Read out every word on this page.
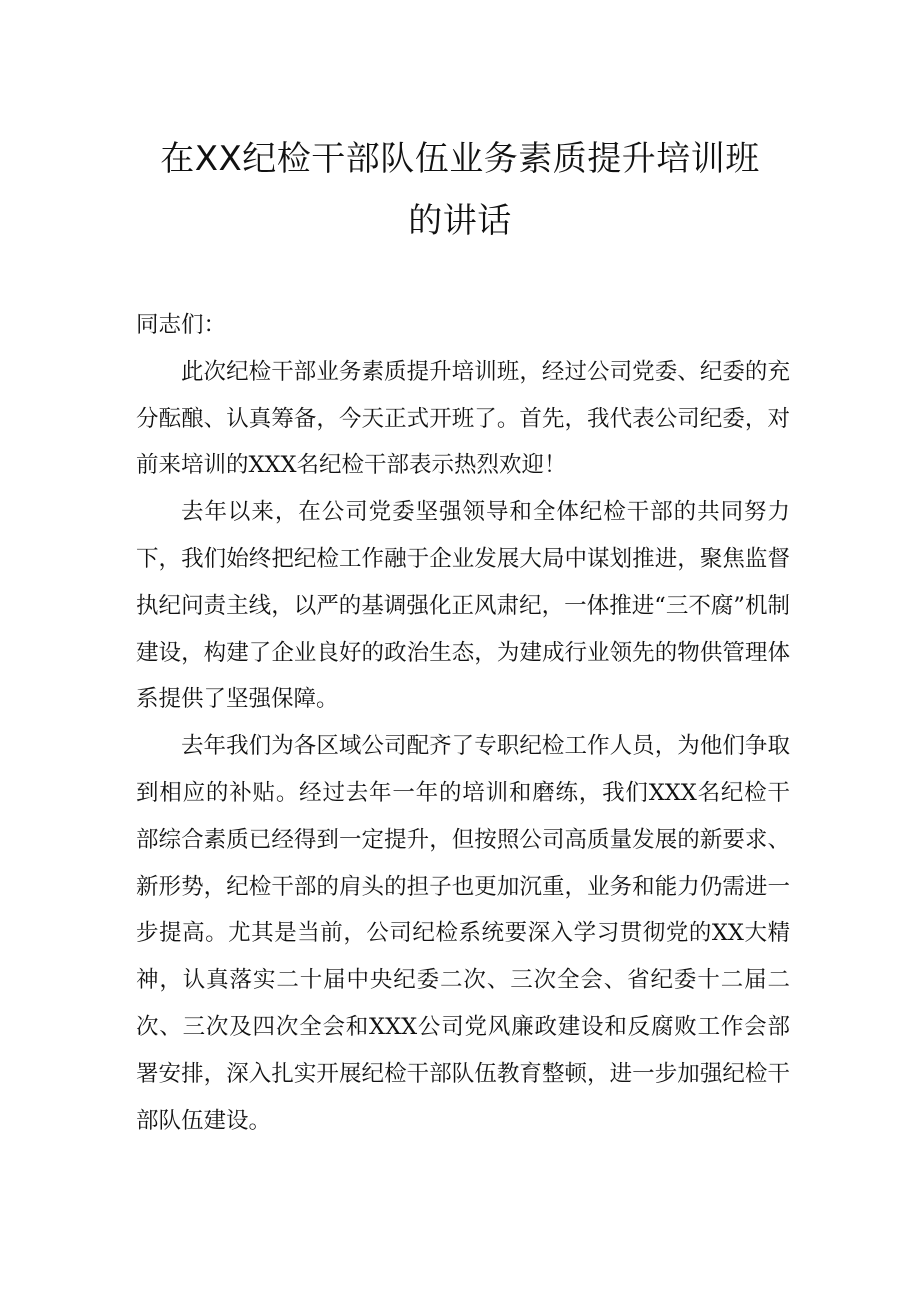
在XX纪检干部队伍业务素质提升培训班
的讲话

同志们：

此次纪检干部业务素质提升培训班，经过公司党委、纪委的充分酝酿、认真筹备，今天正式开班了。首先，我代表公司纪委，对前来培训的XXX名纪检干部表示热烈欢迎！

去年以来，在公司党委坚强领导和全体纪检干部的共同努力下，我们始终把纪检工作融于企业发展大局中谋划推进，聚焦监督执纪问责主线，以严的基调强化正风肃纪，一体推进“三不腐”机制建设，构建了企业良好的政治生态，为建成行业领先的物供管理体系提供了坚强保障。

去年我们为各区域公司配齐了专职纪检工作人员，为他们争取到相应的补贴。经过去年一年的培训和磨练，我们XXX名纪检干部综合素质已经得到一定提升，但按照公司高质量发展的新要求、新形势，纪检干部的肩头的担子也更加沉重，业务和能力仍需进一步提高。尤其是当前，公司纪检系统要深入学习贯彻党的XX大精神，认真落实二十届中央纪委二次、三次全会、省纪委十二届二次、三次及四次全会和XXX公司党风廉政建设和反腐败工作会部署安排，深入扎实开展纪检干部队伍教育整顿，进一步加强纪检干部队伍建设。
